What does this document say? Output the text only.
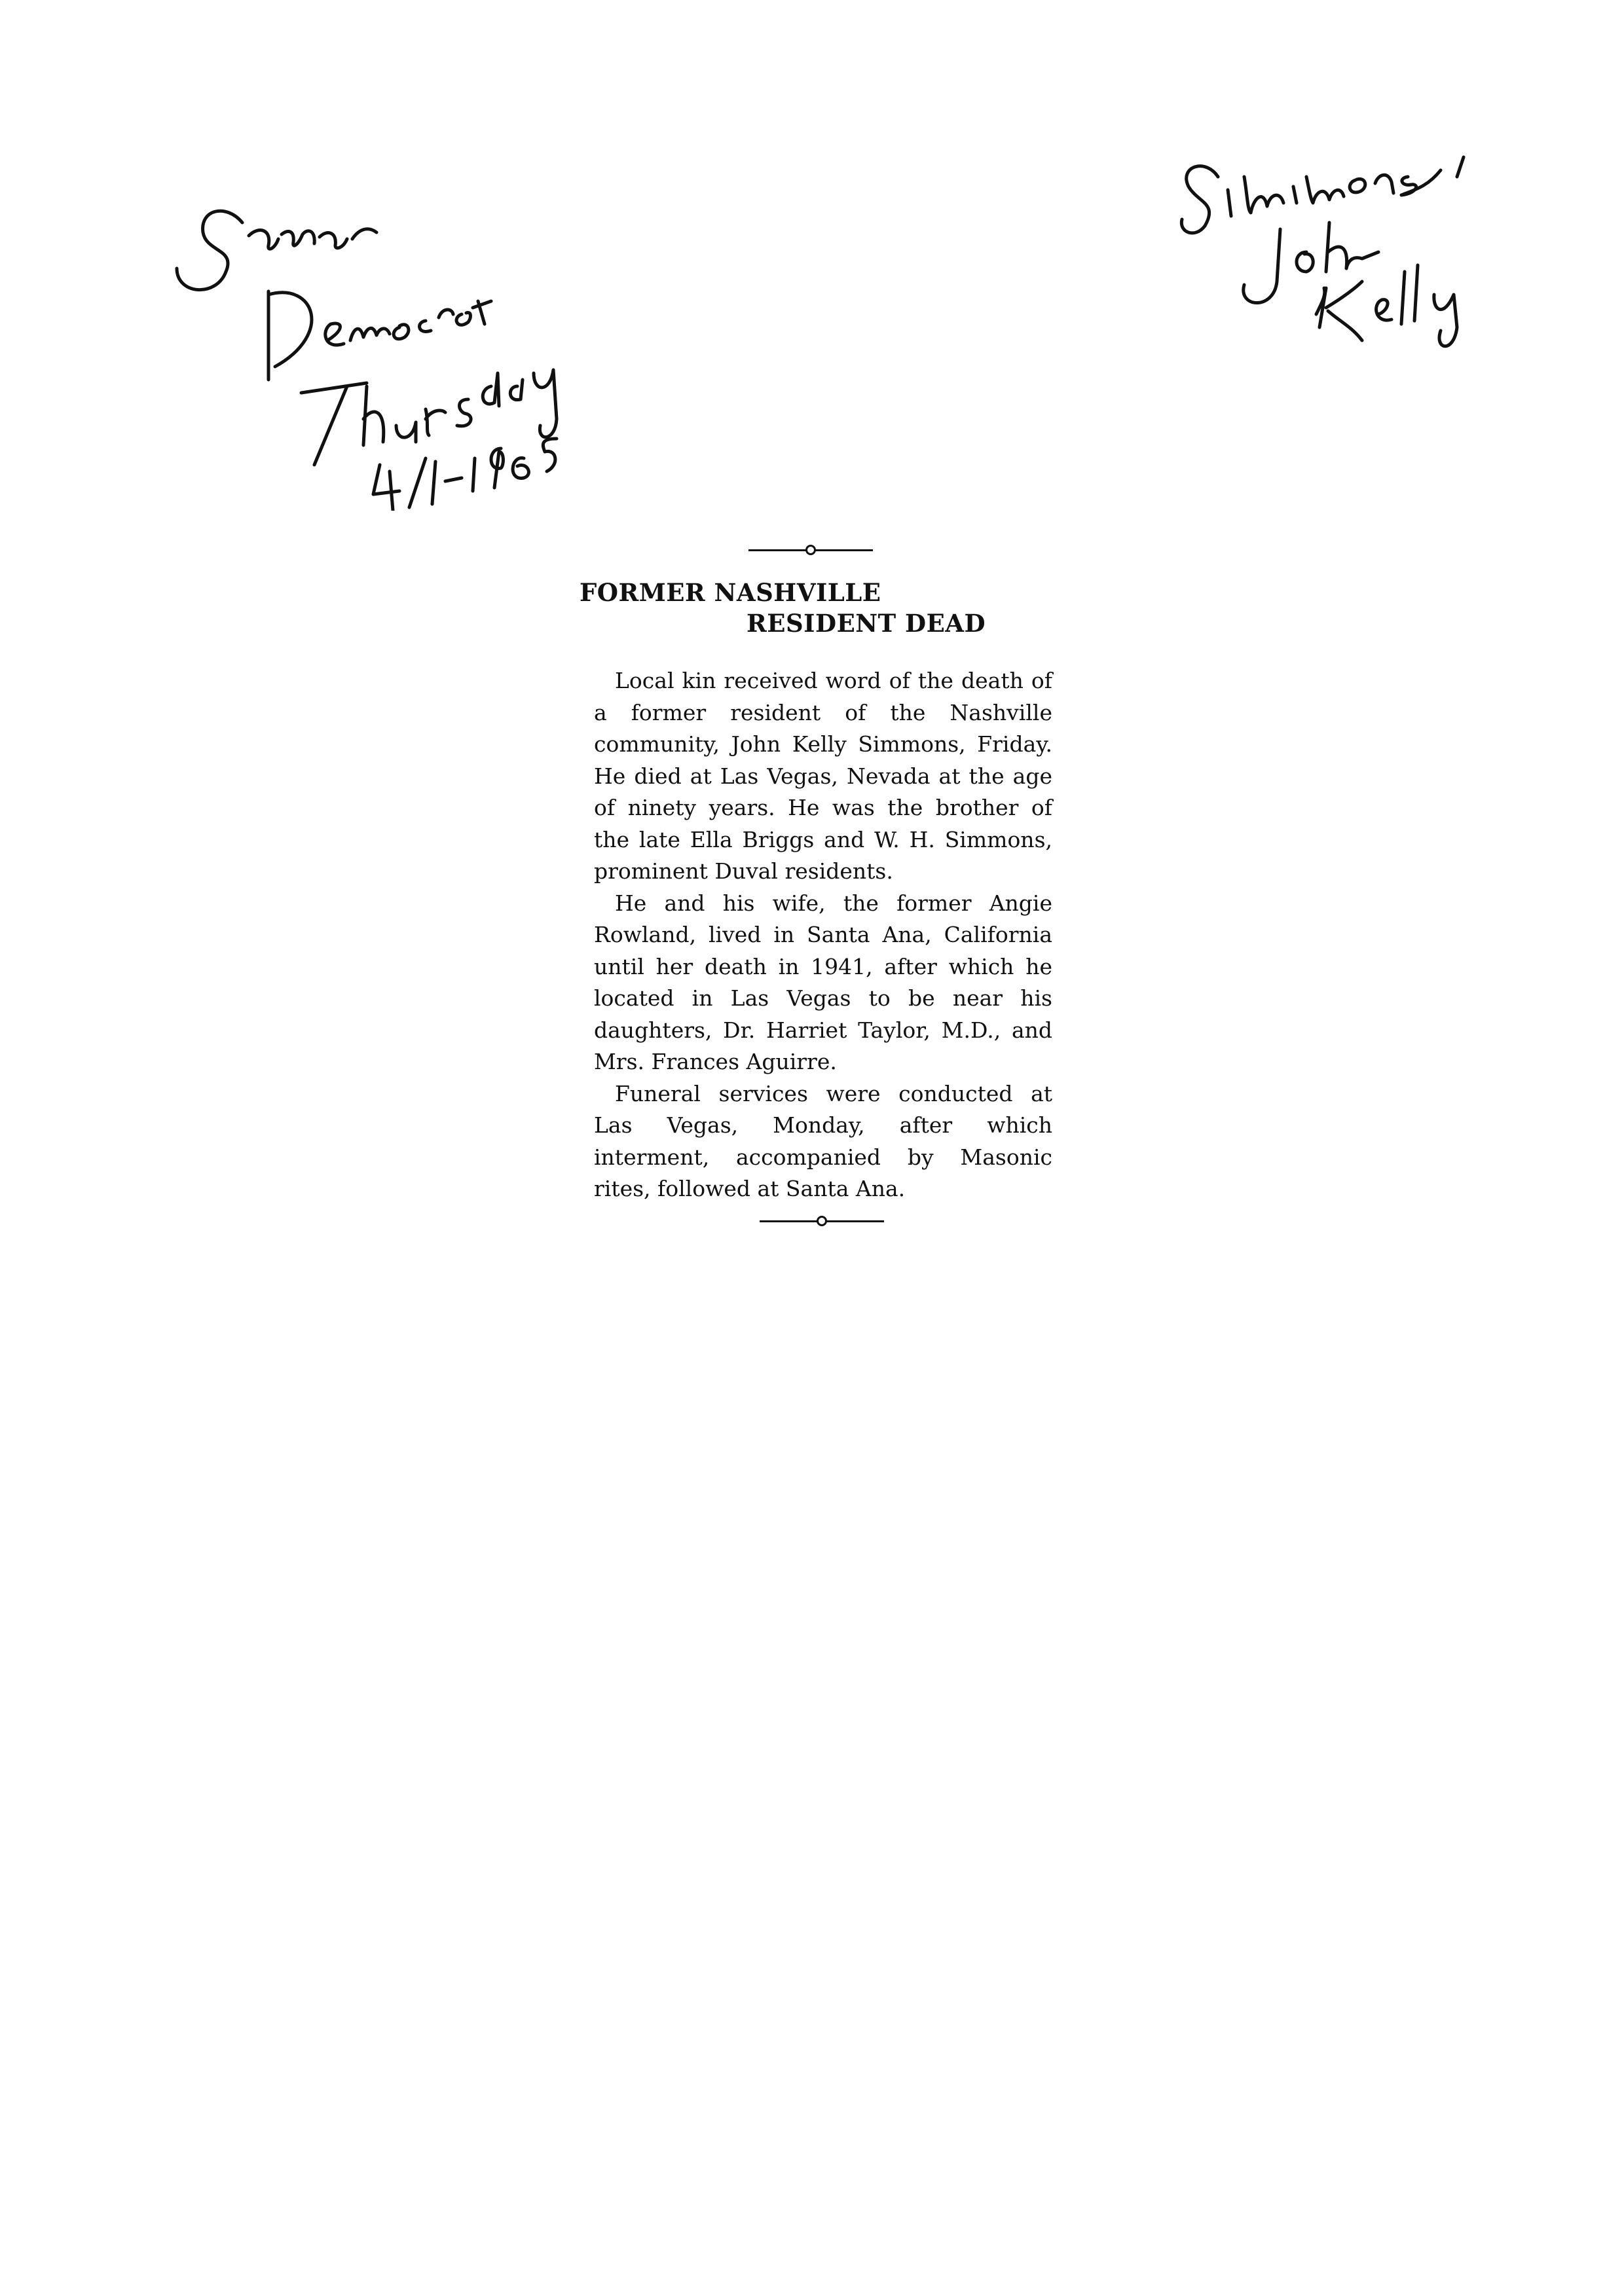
FORMER NASHVILLE
RESIDENT DEAD

Local kin received word of the death of a former resident of the Nashville community, John Kelly Simmons, Friday. He died at Las Vegas, Nevada at the age of ninety years. He was the brother of the late Ella Briggs and W. H. Simmons, prominent Duval residents.

He and his wife, the former Angie Rowland, lived in Santa Ana, California until her death in 1941, after which he located in Las Vegas to be near his daughters, Dr. Harriet Taylor, M.D., and Mrs. Frances Aguirre.

Funeral services were conducted at Las Vegas, Monday, after which interment, accompanied by Masonic rites, followed at Santa Ana.
